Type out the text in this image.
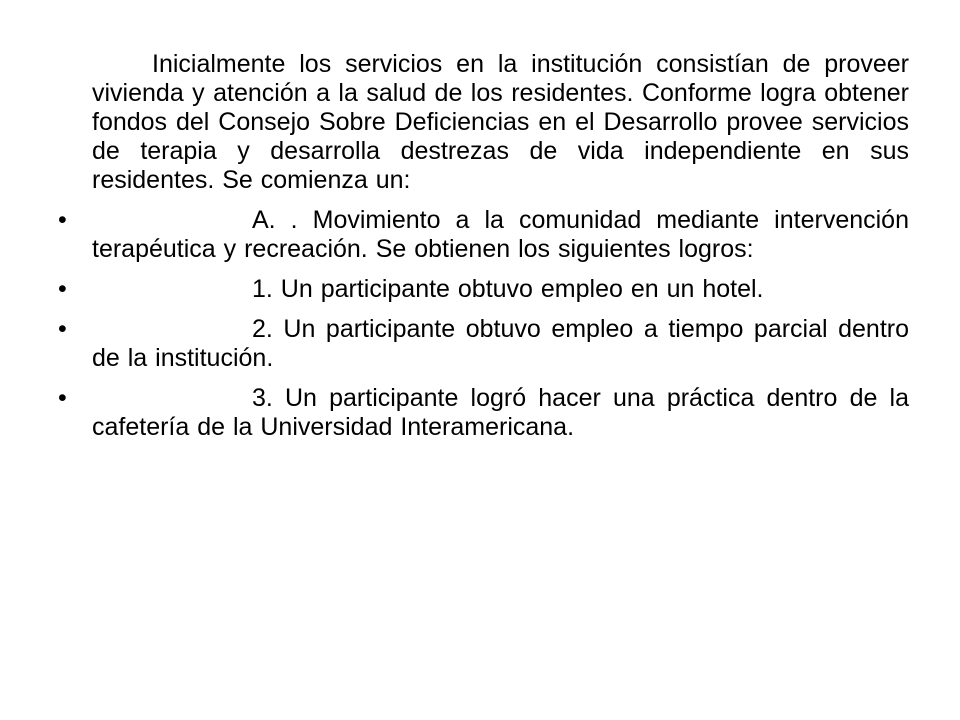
Inicialmente los servicios en la institución consistían de proveer vivienda y atención a la salud de los residentes. Conforme logra obtener fondos del Consejo Sobre Deficiencias en el Desarrollo provee servicios de terapia y desarrolla destrezas de vida independiente en sus residentes. Se comienza un:

•	A. . Movimiento a la comunidad mediante intervención terapéutica y recreación. Se obtienen los siguientes logros:
•	1. Un participante obtuvo empleo en un hotel.
•	2. Un participante obtuvo empleo a tiempo parcial dentro de la institución.
•	3. Un participante logró hacer una práctica dentro de la cafetería de la Universidad Interamericana.
